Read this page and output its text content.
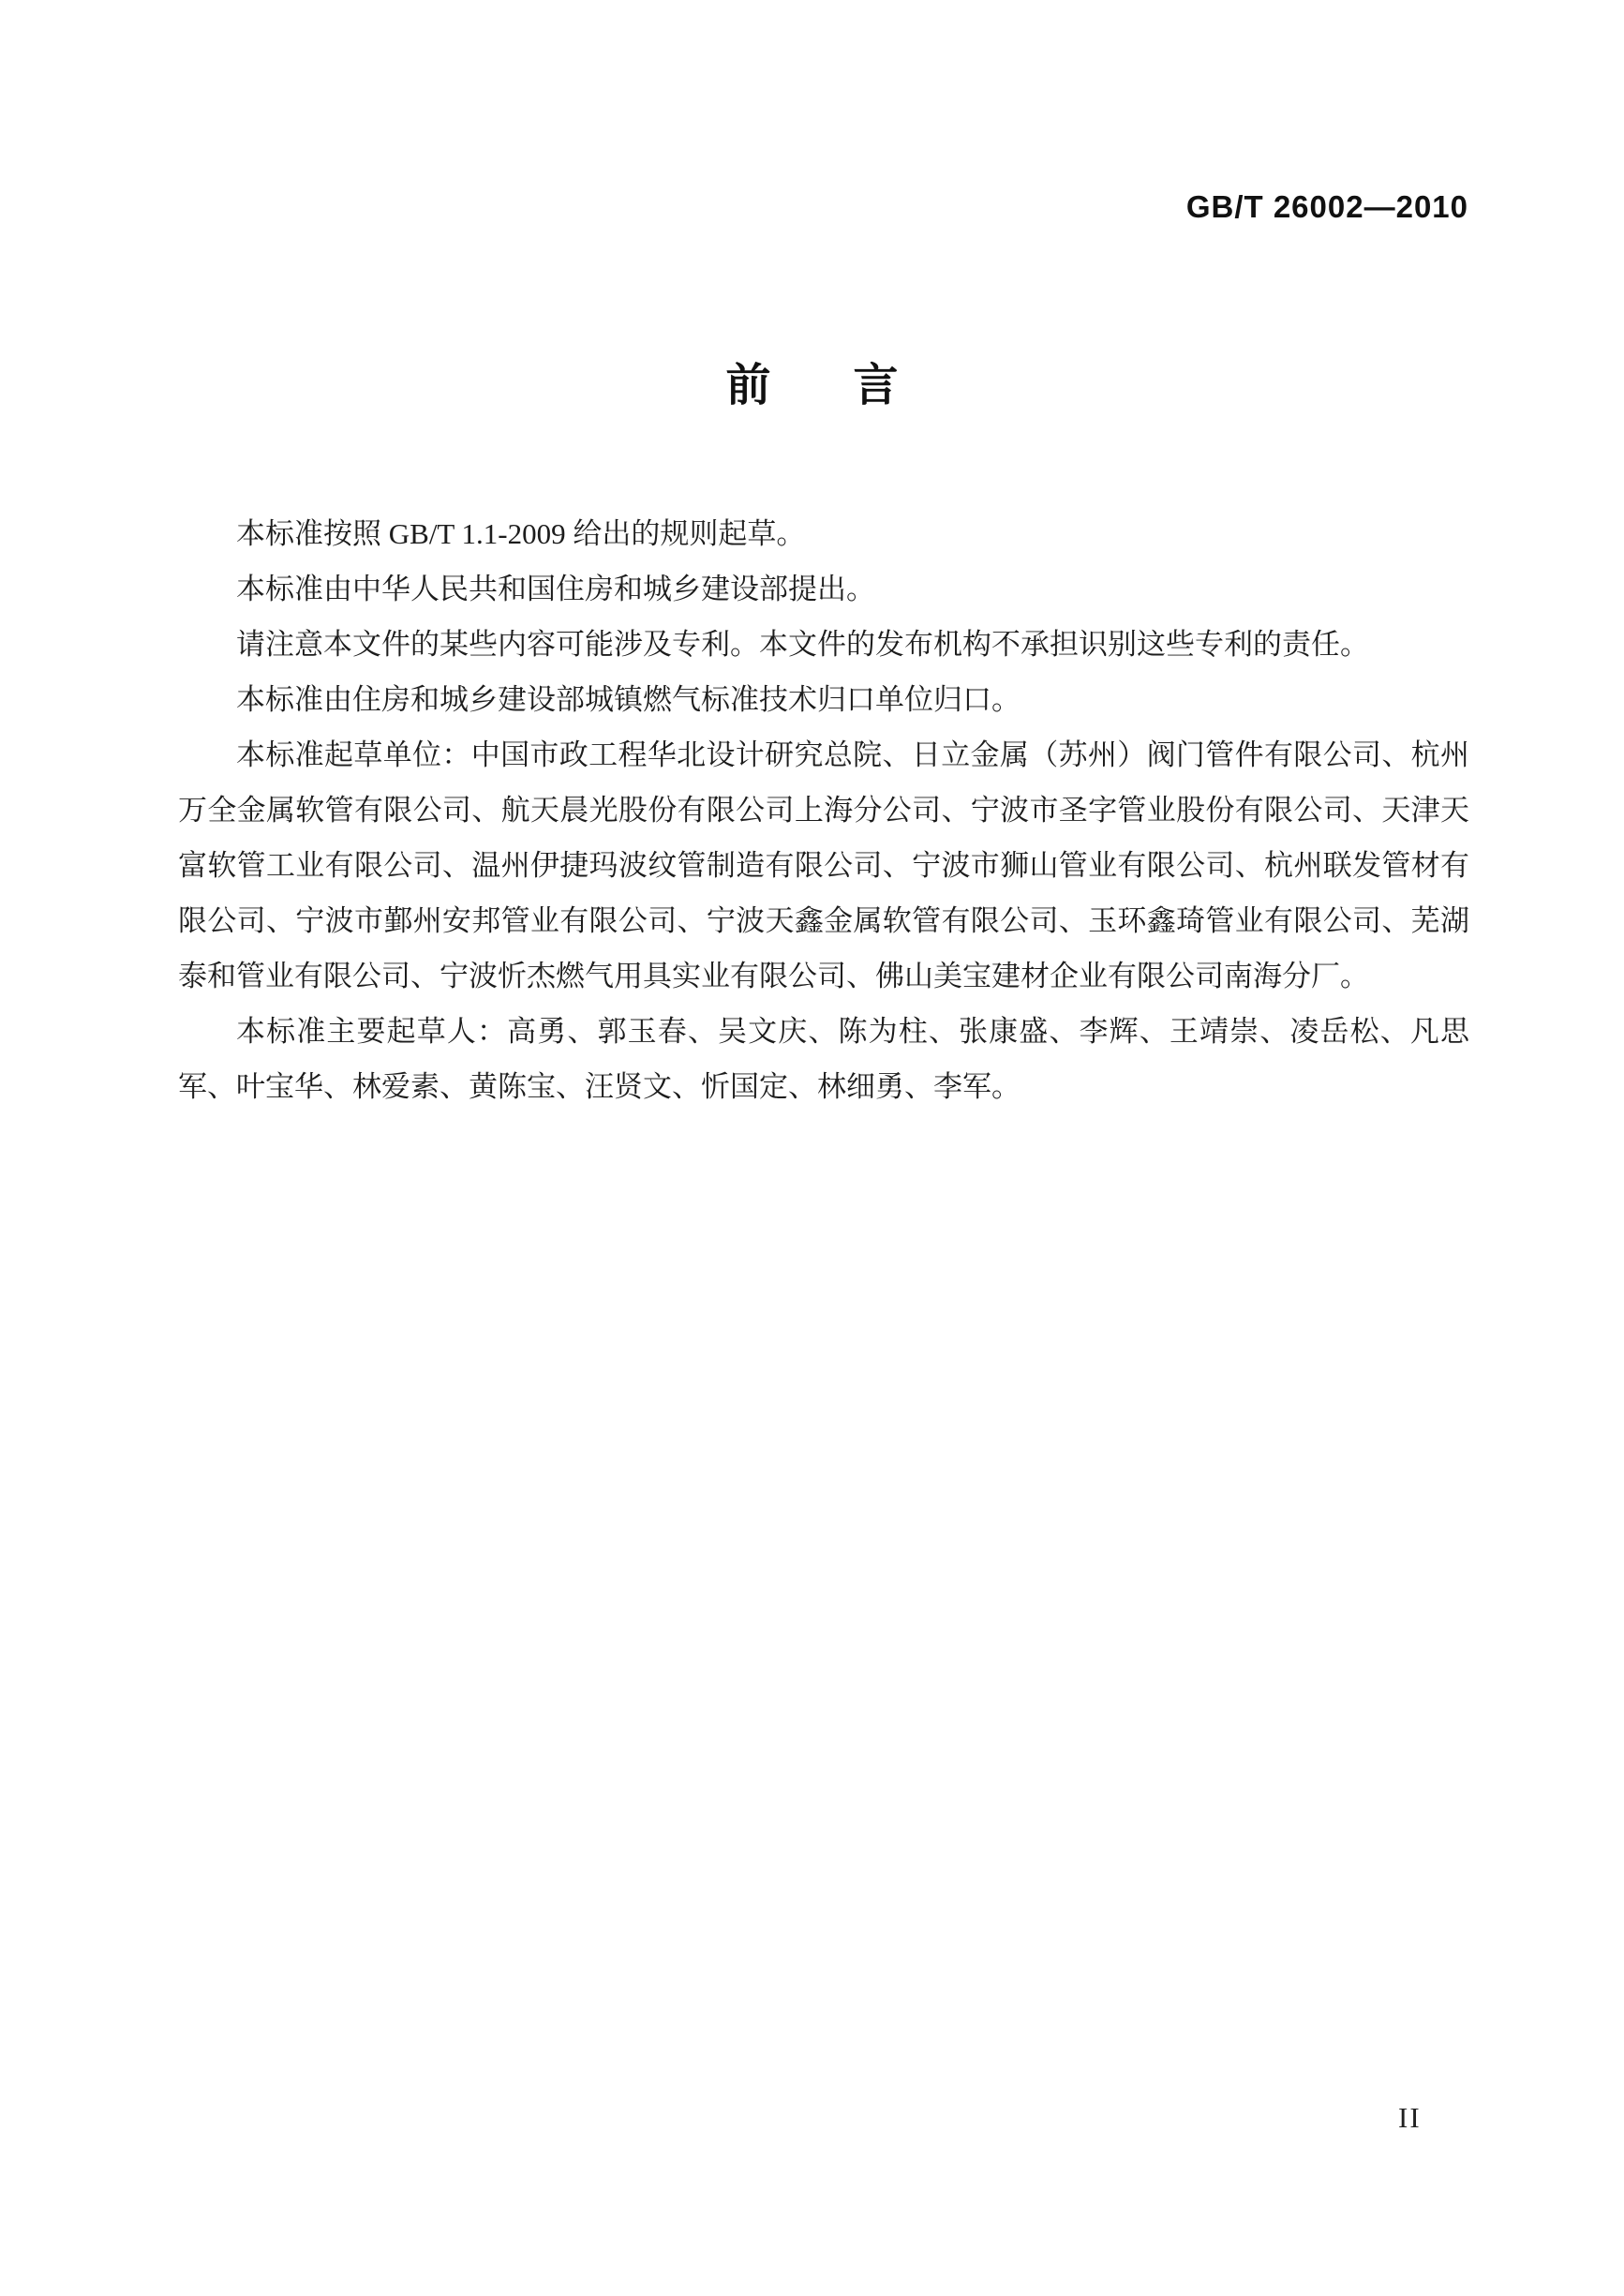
GB/T 26002—2010
前 言

本标准按照 GB/T 1.1-2009 给出的规则起草。

本标准由中华人民共和国住房和城乡建设部提出。

请注意本文件的某些内容可能涉及专利。本文件的发布机构不承担识别这些专利的责任。

本标准由住房和城乡建设部城镇燃气标准技术归口单位归口。

本标准起草单位：中国市政工程华北设计研究总院、日立金属（苏州）阀门管件有限公司、杭州万全金属软管有限公司、航天晨光股份有限公司上海分公司、宁波市圣字管业股份有限公司、天津天富软管工业有限公司、温州伊捷玛波纹管制造有限公司、宁波市狮山管业有限公司、杭州联发管材有限公司、宁波市鄞州安邦管业有限公司、宁波天鑫金属软管有限公司、玉环鑫琦管业有限公司、芜湖泰和管业有限公司、宁波忻杰燃气用具实业有限公司、佛山美宝建材企业有限公司南海分厂。

本标准主要起草人：高勇、郭玉春、吴文庆、陈为柱、张康盛、李辉、王靖崇、凌岳松、凡思军、叶宝华、林爱素、黄陈宝、汪贤文、忻国定、林细勇、李军。

II
